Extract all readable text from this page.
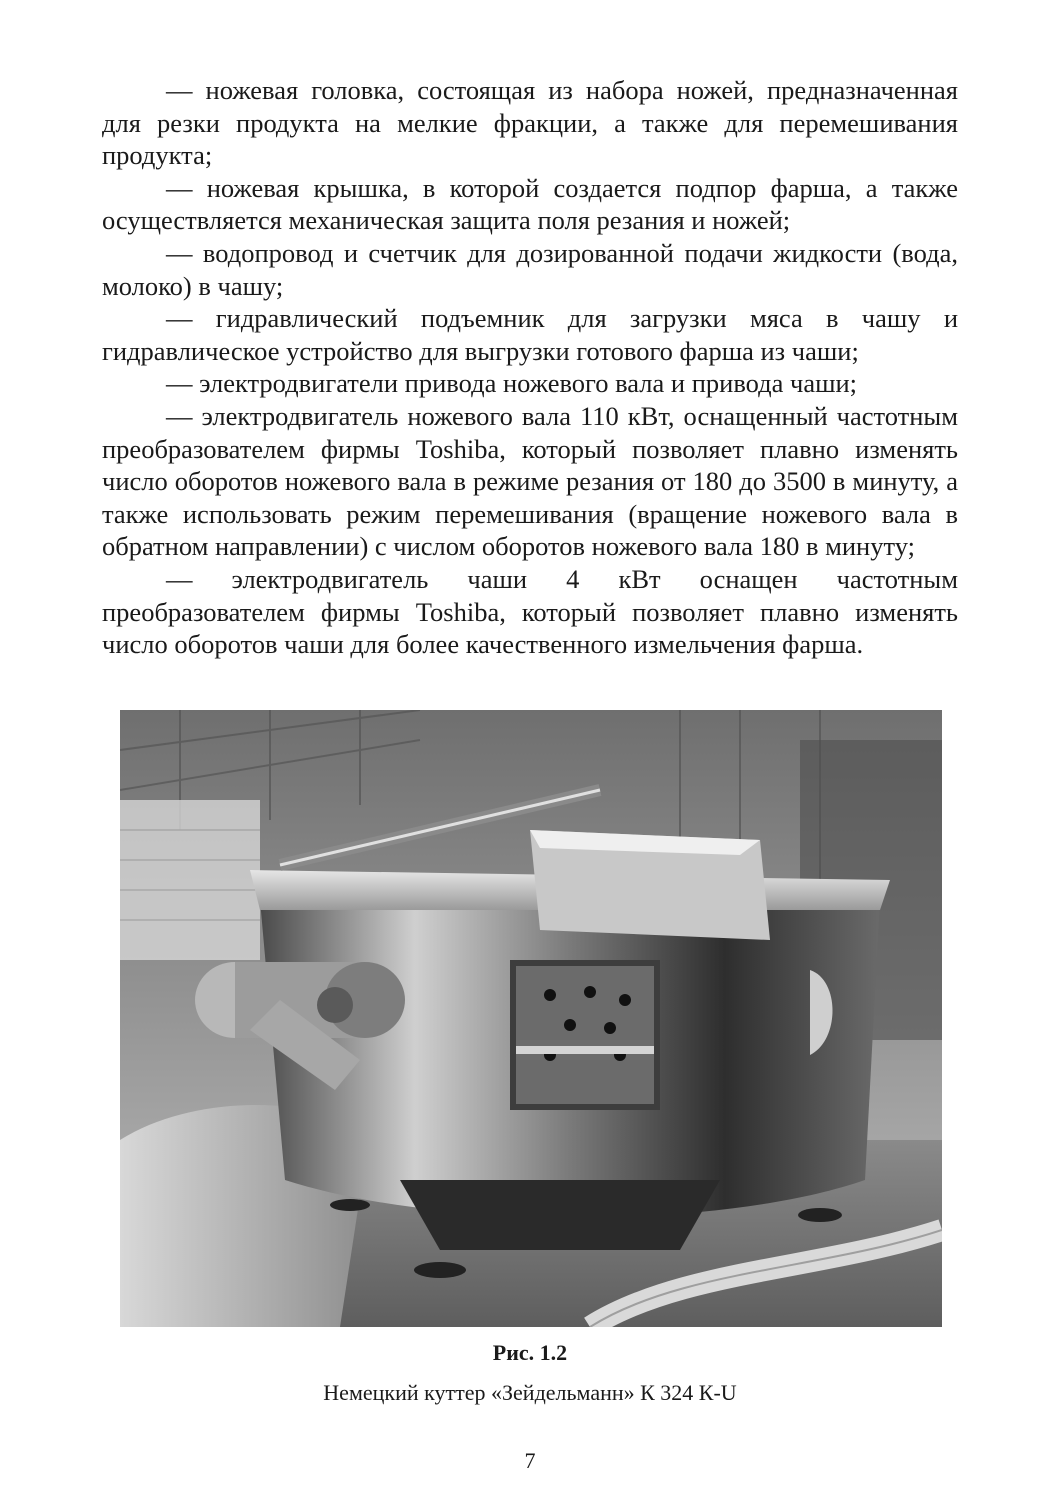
— ножевая головка, состоящая из набора ножей, предназначенная для резки продукта на мелкие фракции, а также для перемешивания продукта;

— ножевая крышка, в которой создается подпор фарша, а также осуществляется механическая защита поля резания и ножей;

— водопровод и счетчик для дозированной подачи жидкости (вода, молоко) в чашу;

— гидравлический подъемник для загрузки мяса в чашу и гидравлическое устройство для выгрузки готового фарша из чаши;

— электродвигатели привода ножевого вала и привода чаши;

— электродвигатель ножевого вала 110 кВт, оснащенный частотным преобразователем фирмы Toshiba, который позволяет плавно изменять число оборотов ножевого вала в режиме резания от 180 до 3500 в минуту, а также использовать режим перемешивания (вращение ножевого вала в обратном направлении) с числом оборотов ножевого вала 180 в минуту;

— электродвигатель чаши 4 кВт оснащен частотным преобразователем фирмы Toshiba, который позволяет плавно изменять число оборотов чаши для более качественного измельчения фарша.

Рис. 1.2
Немецкий куттер «Зейдельманн» К 324 К-U
7
